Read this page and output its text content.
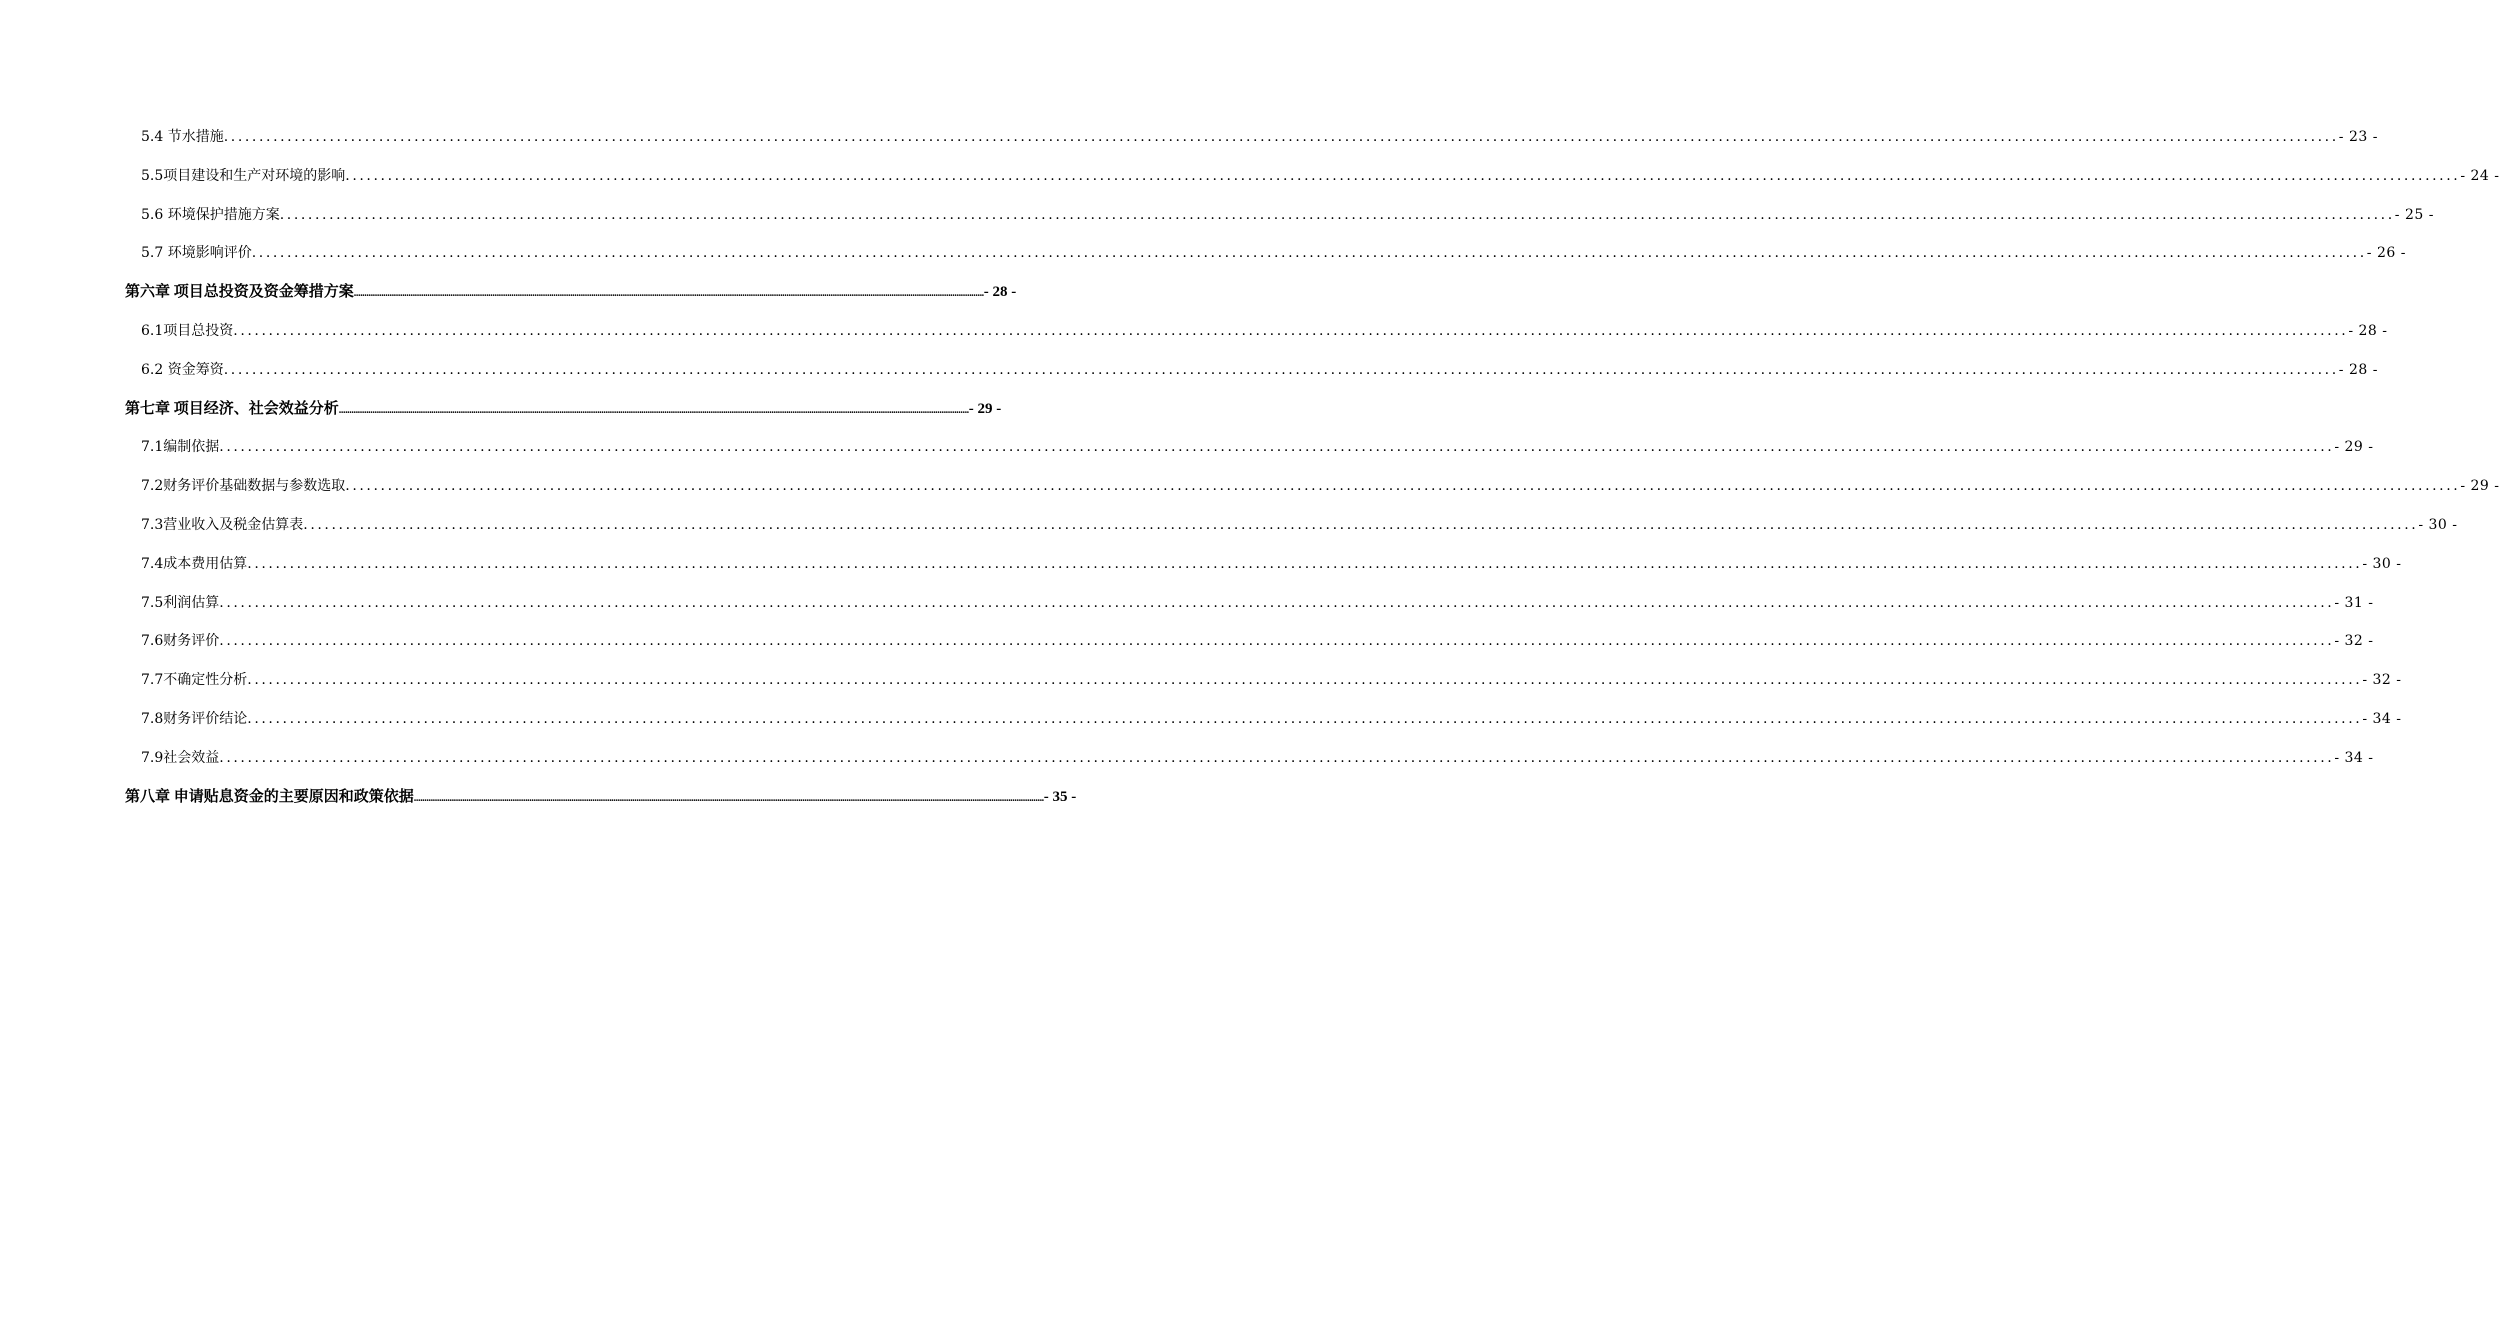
5.4 节水措施 ............................................................................................................................................................................................................................................................................................................ - 23 -
5.5项目建设和生产对环境的影响 ............................................................................................................................................................................................................................................................................................................ - 24 -
5.6 环境保护措施方案 ............................................................................................................................................................................................................................................................................................................ - 25 -
5.7 环境影响评价 ............................................................................................................................................................................................................................................................................................................ - 26 -
第六章 项目总投资及资金筹措方案 ............................................................................................................................................................................................................................................................................................................ - 28 -
6.1项目总投资 ............................................................................................................................................................................................................................................................................................................ - 28 -
6.2 资金筹资 ............................................................................................................................................................................................................................................................................................................ - 28 -
第七章 项目经济、社会效益分析 ............................................................................................................................................................................................................................................................................................................ - 29 -
7.1编制依据 ............................................................................................................................................................................................................................................................................................................ - 29 -
7.2财务评价基础数据与参数选取 ............................................................................................................................................................................................................................................................................................................ - 29 -
7.3营业收入及税金估算表 ............................................................................................................................................................................................................................................................................................................ - 30 -
7.4成本费用估算 ............................................................................................................................................................................................................................................................................................................ - 30 -
7.5利润估算 ............................................................................................................................................................................................................................................................................................................ - 31 -
7.6财务评价 ............................................................................................................................................................................................................................................................................................................ - 32 -
7.7不确定性分析 ............................................................................................................................................................................................................................................................................................................ - 32 -
7.8财务评价结论 ............................................................................................................................................................................................................................................................................................................ - 34 -
7.9社会效益 ............................................................................................................................................................................................................................................................................................................ - 34 -
第八章 申请贴息资金的主要原因和政策依据 ............................................................................................................................................................................................................................................................................................................ - 35 -
